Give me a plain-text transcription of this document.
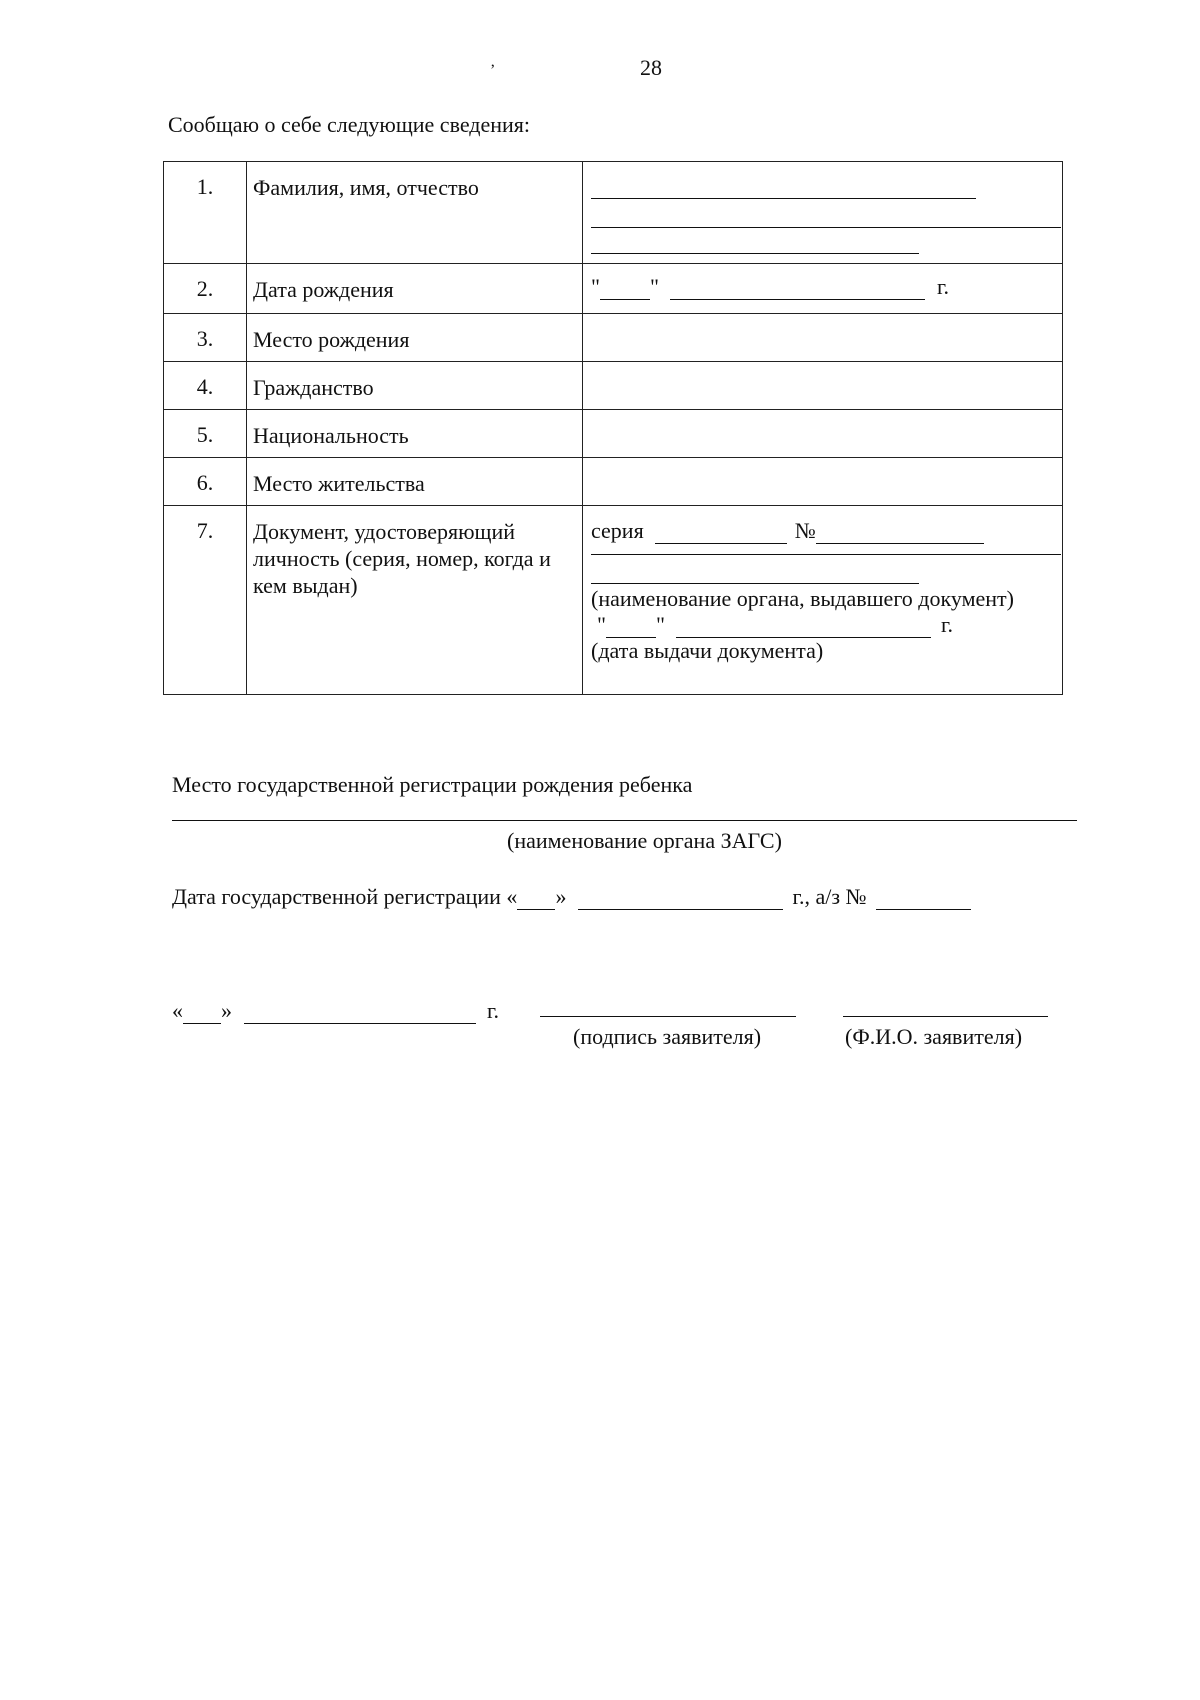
ʼ	28
Сообщаю о себе следующие сведения:
1.	Фамилия, имя, отчество	

2.	Дата рождения	" " г.
3.	Место рождения	
4.	Гражданство	
5.	Национальность	
6.	Место жительства	
7.	Документ, удостоверяющий личность (серия, номер, когда и кем выдан)	серия №
(наименование органа, выдавшего документ)
" " г.
(дата выдачи документа)
Место государственной регистрации рождения ребенка
(наименование органа ЗАГС)
Дата государственной регистрации « »	г., а/з №
« »	г.
(подпись заявителя)	(Ф.И.О. заявителя)
